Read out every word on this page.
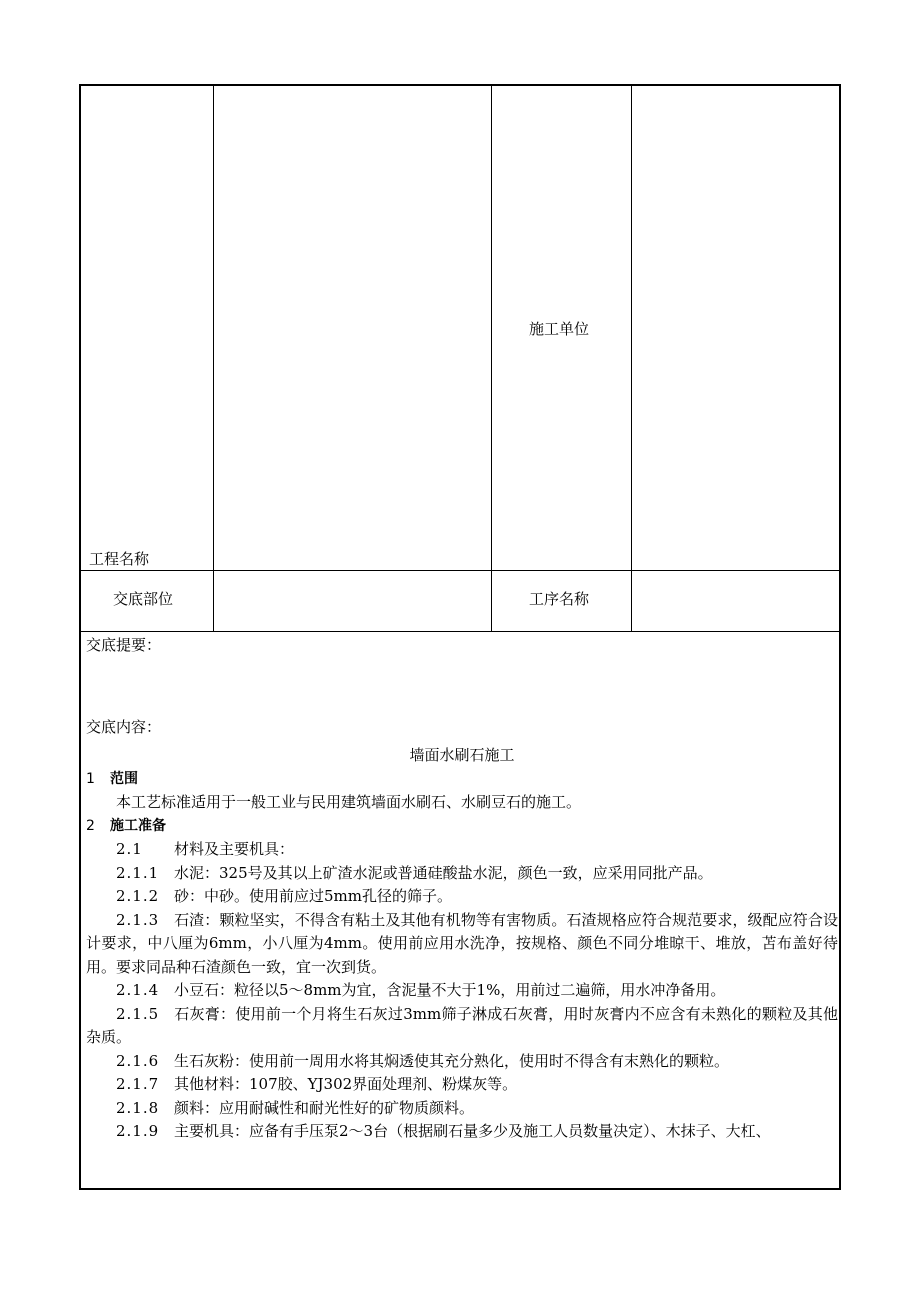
工程名称
施工单位
交底部位	工序名称

交底提要：

交底内容：

墙面水刷石施工

1 范围

本工艺标准适用于一般工业与民用建筑墙面水刷石、水刷豆石的施工。

2 施工准备

2.1 材料及主要机具：

2.1.1 水泥：325号及其以上矿渣水泥或普通硅酸盐水泥，颜色一致，应采用同批产品。

2.1.2 砂：中砂。使用前应过5mm孔径的筛子。

2.1.3 石渣：颗粒坚实，不得含有粘土及其他有机物等有害物质。石渣规格应符合规范要求，级配应符合设计要求，中八厘为6mm，小八厘为4mm。使用前应用水洗净，按规格、颜色不同分堆晾干、堆放，苫布盖好待用。要求同品种石渣颜色一致，宜一次到货。

2.1.4 小豆石：粒径以5～8mm为宜，含泥量不大于1%，用前过二遍筛，用水冲净备用。

2.1.5 石灰膏：使用前一个月将生石灰过3mm筛子淋成石灰膏，用时灰膏内不应含有未熟化的颗粒及其他杂质。

2.1.6 生石灰粉：使用前一周用水将其焖透使其充分熟化，使用时不得含有末熟化的颗粒。

2.1.7 其他材料：107胶、YJ302界面处理剂、粉煤灰等。

2.1.8 颜料：应用耐碱性和耐光性好的矿物质颜料。

2.1.9 主要机具：应备有手压泵2～3台（根据刷石量多少及施工人员数量决定）、木抹子、大杠、
